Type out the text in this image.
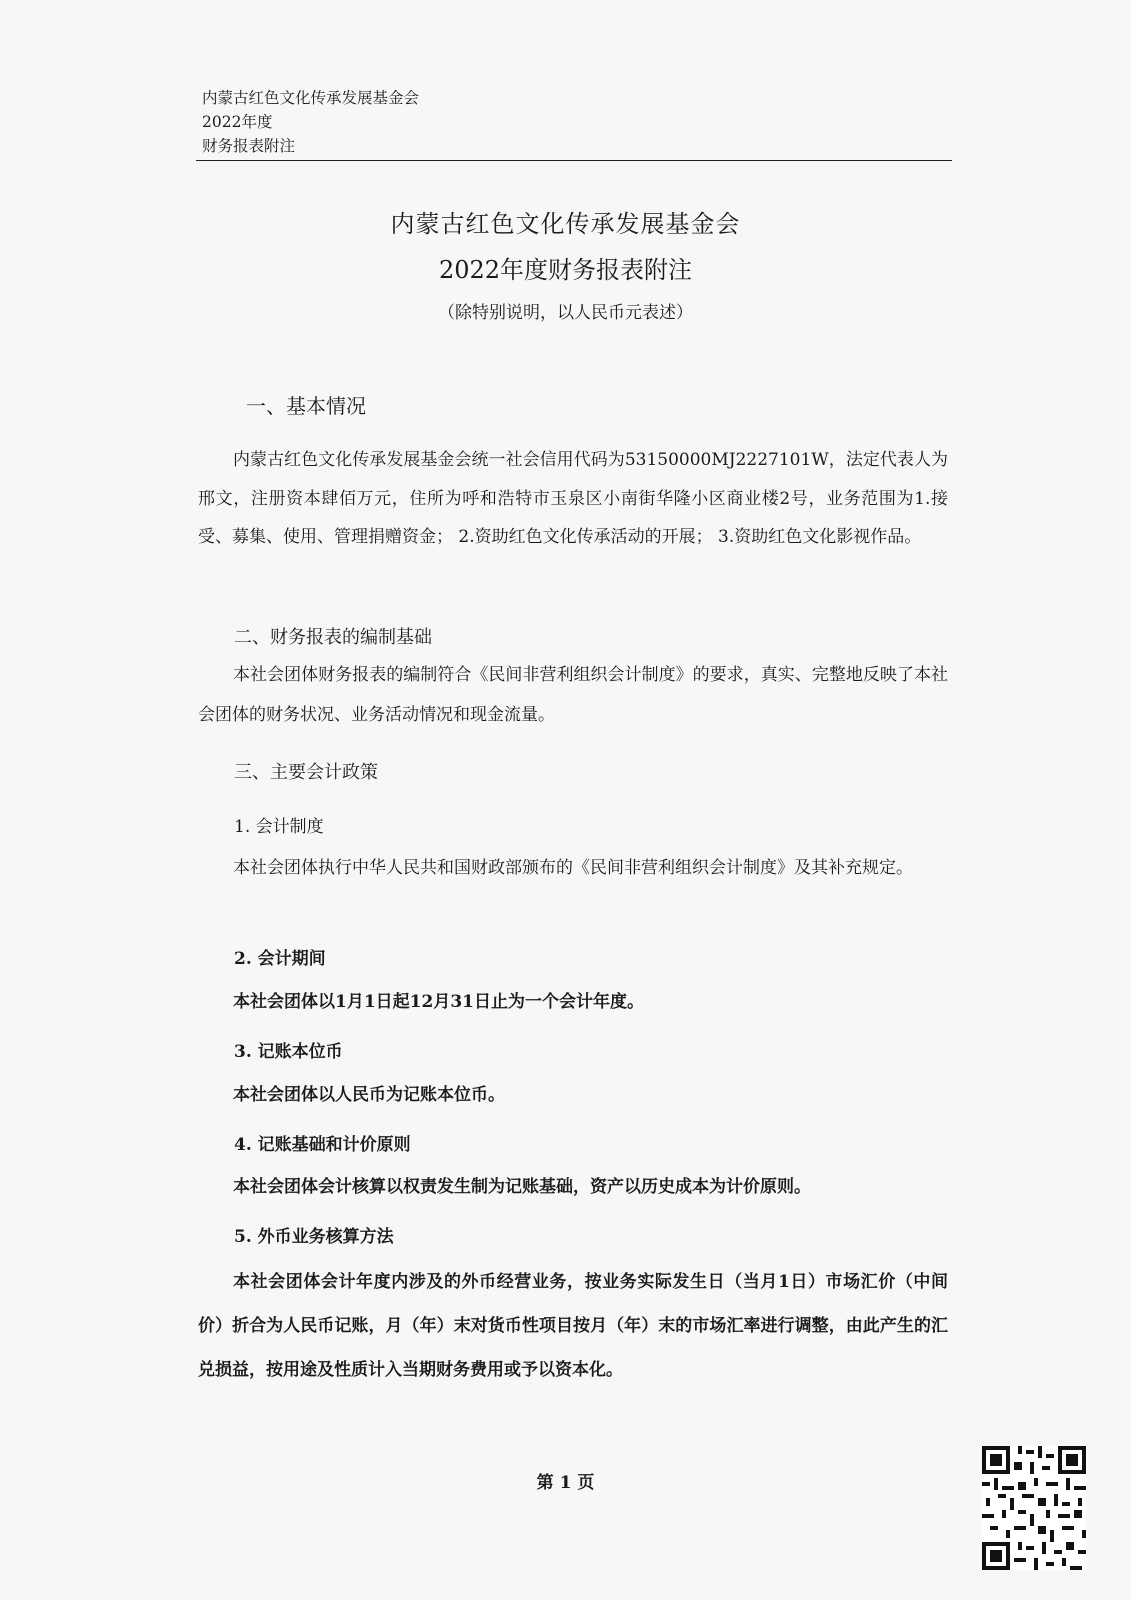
内蒙古红色文化传承发展基金会
2022年度
财务报表附注
内蒙古红色文化传承发展基金会
2022年度财务报表附注
（除特别说明，以人民币元表述）
一、基本情况
内蒙古红色文化传承发展基金会统一社会信用代码为53150000MJ2227101W，法定代表人为邢文，注册资本肆佰万元，住所为呼和浩特市玉泉区小南街华隆小区商业楼2号，业务范围为1.接受、募集、使用、管理捐赠资金； 2.资助红色文化传承活动的开展； 3.资助红色文化影视作品。
二、财务报表的编制基础
本社会团体财务报表的编制符合《民间非营利组织会计制度》的要求，真实、完整地反映了本社会团体的财务状况、业务活动情况和现金流量。
三、主要会计政策
1. 会计制度
本社会团体执行中华人民共和国财政部颁布的《民间非营利组织会计制度》及其补充规定。
2. 会计期间
本社会团体以1月1日起12月31日止为一个会计年度。
3. 记账本位币
本社会团体以人民币为记账本位币。
4. 记账基础和计价原则
本社会团体会计核算以权责发生制为记账基础，资产以历史成本为计价原则。
5. 外币业务核算方法
本社会团体会计年度内涉及的外币经营业务，按业务实际发生日（当月1日）市场汇价（中间价）折合为人民币记账，月（年）末对货币性项目按月（年）末的市场汇率进行调整，由此产生的汇兑损益，按用途及性质计入当期财务费用或予以资本化。
第 1 页
